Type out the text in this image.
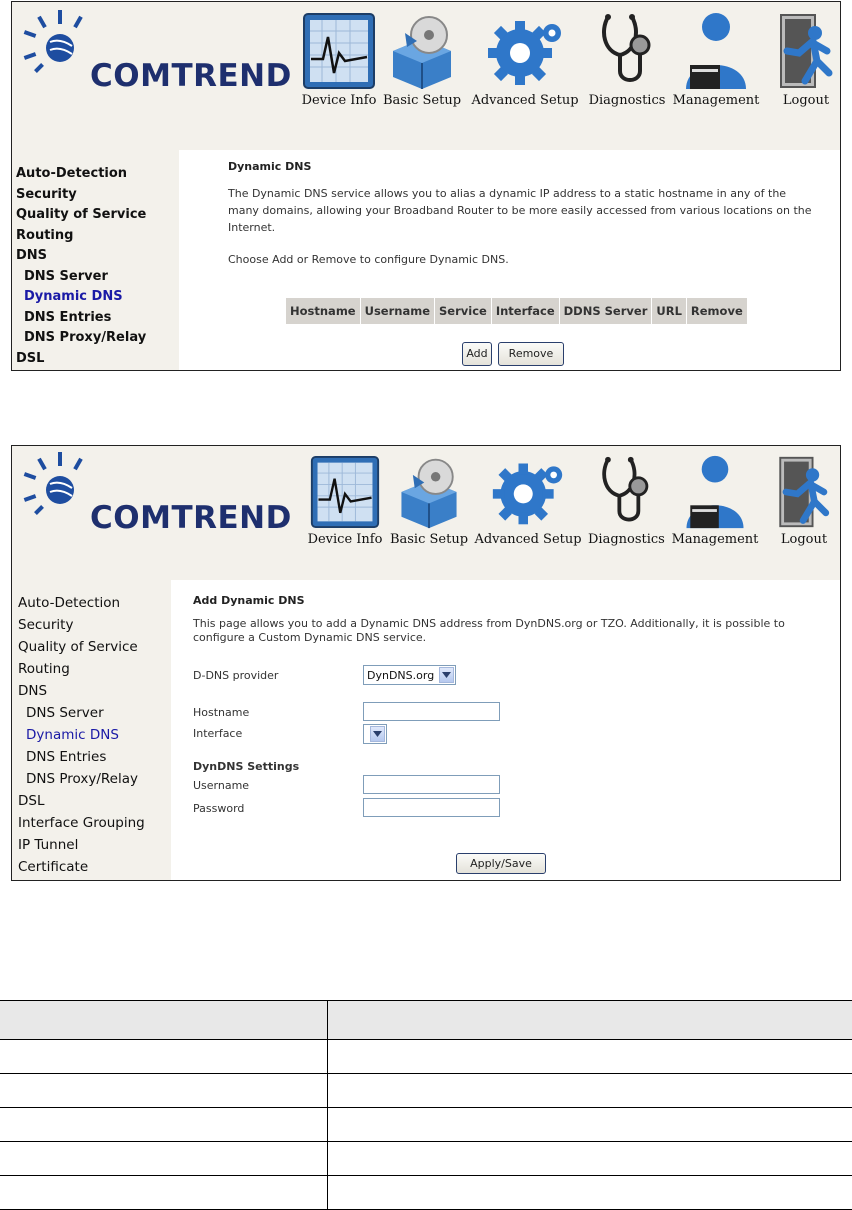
COMTREND
Device Info Basic Setup Advanced Setup Diagnostics Management	Logout
Auto-Detection
Security
Quality of Service
Routing
DNS
DNS Server
Dynamic DNS
DNS Entries
DNS Proxy/Relay
DSL
Dynamic DNS
The Dynamic DNS service allows you to alias a dynamic IP address to a static hostname in any of the many domains, allowing your Broadband Router to be more easily accessed from various locations on the Internet.
Choose Add or Remove to configure Dynamic DNS.
Hostname	Username	Service	Interface	DDNS Server	URL	Remove
Add	Remove
COMTREND
Device Info Basic Setup Advanced Setup Diagnostics Management	Logout
Auto-Detection
Security
Quality of Service
Routing
DNS
DNS Server
Dynamic DNS
DNS Entries
DNS Proxy/Relay
DSL
Interface Grouping
IP Tunnel
Certificate
Add Dynamic DNS
This page allows you to add a Dynamic DNS address from DynDNS.org or TZO. Additionally, it is possible to configure a Custom Dynamic DNS service.
D-DNS provider	DynDNS.org
Hostname
Interface
DynDNS Settings
Username
Password
Apply/Save
